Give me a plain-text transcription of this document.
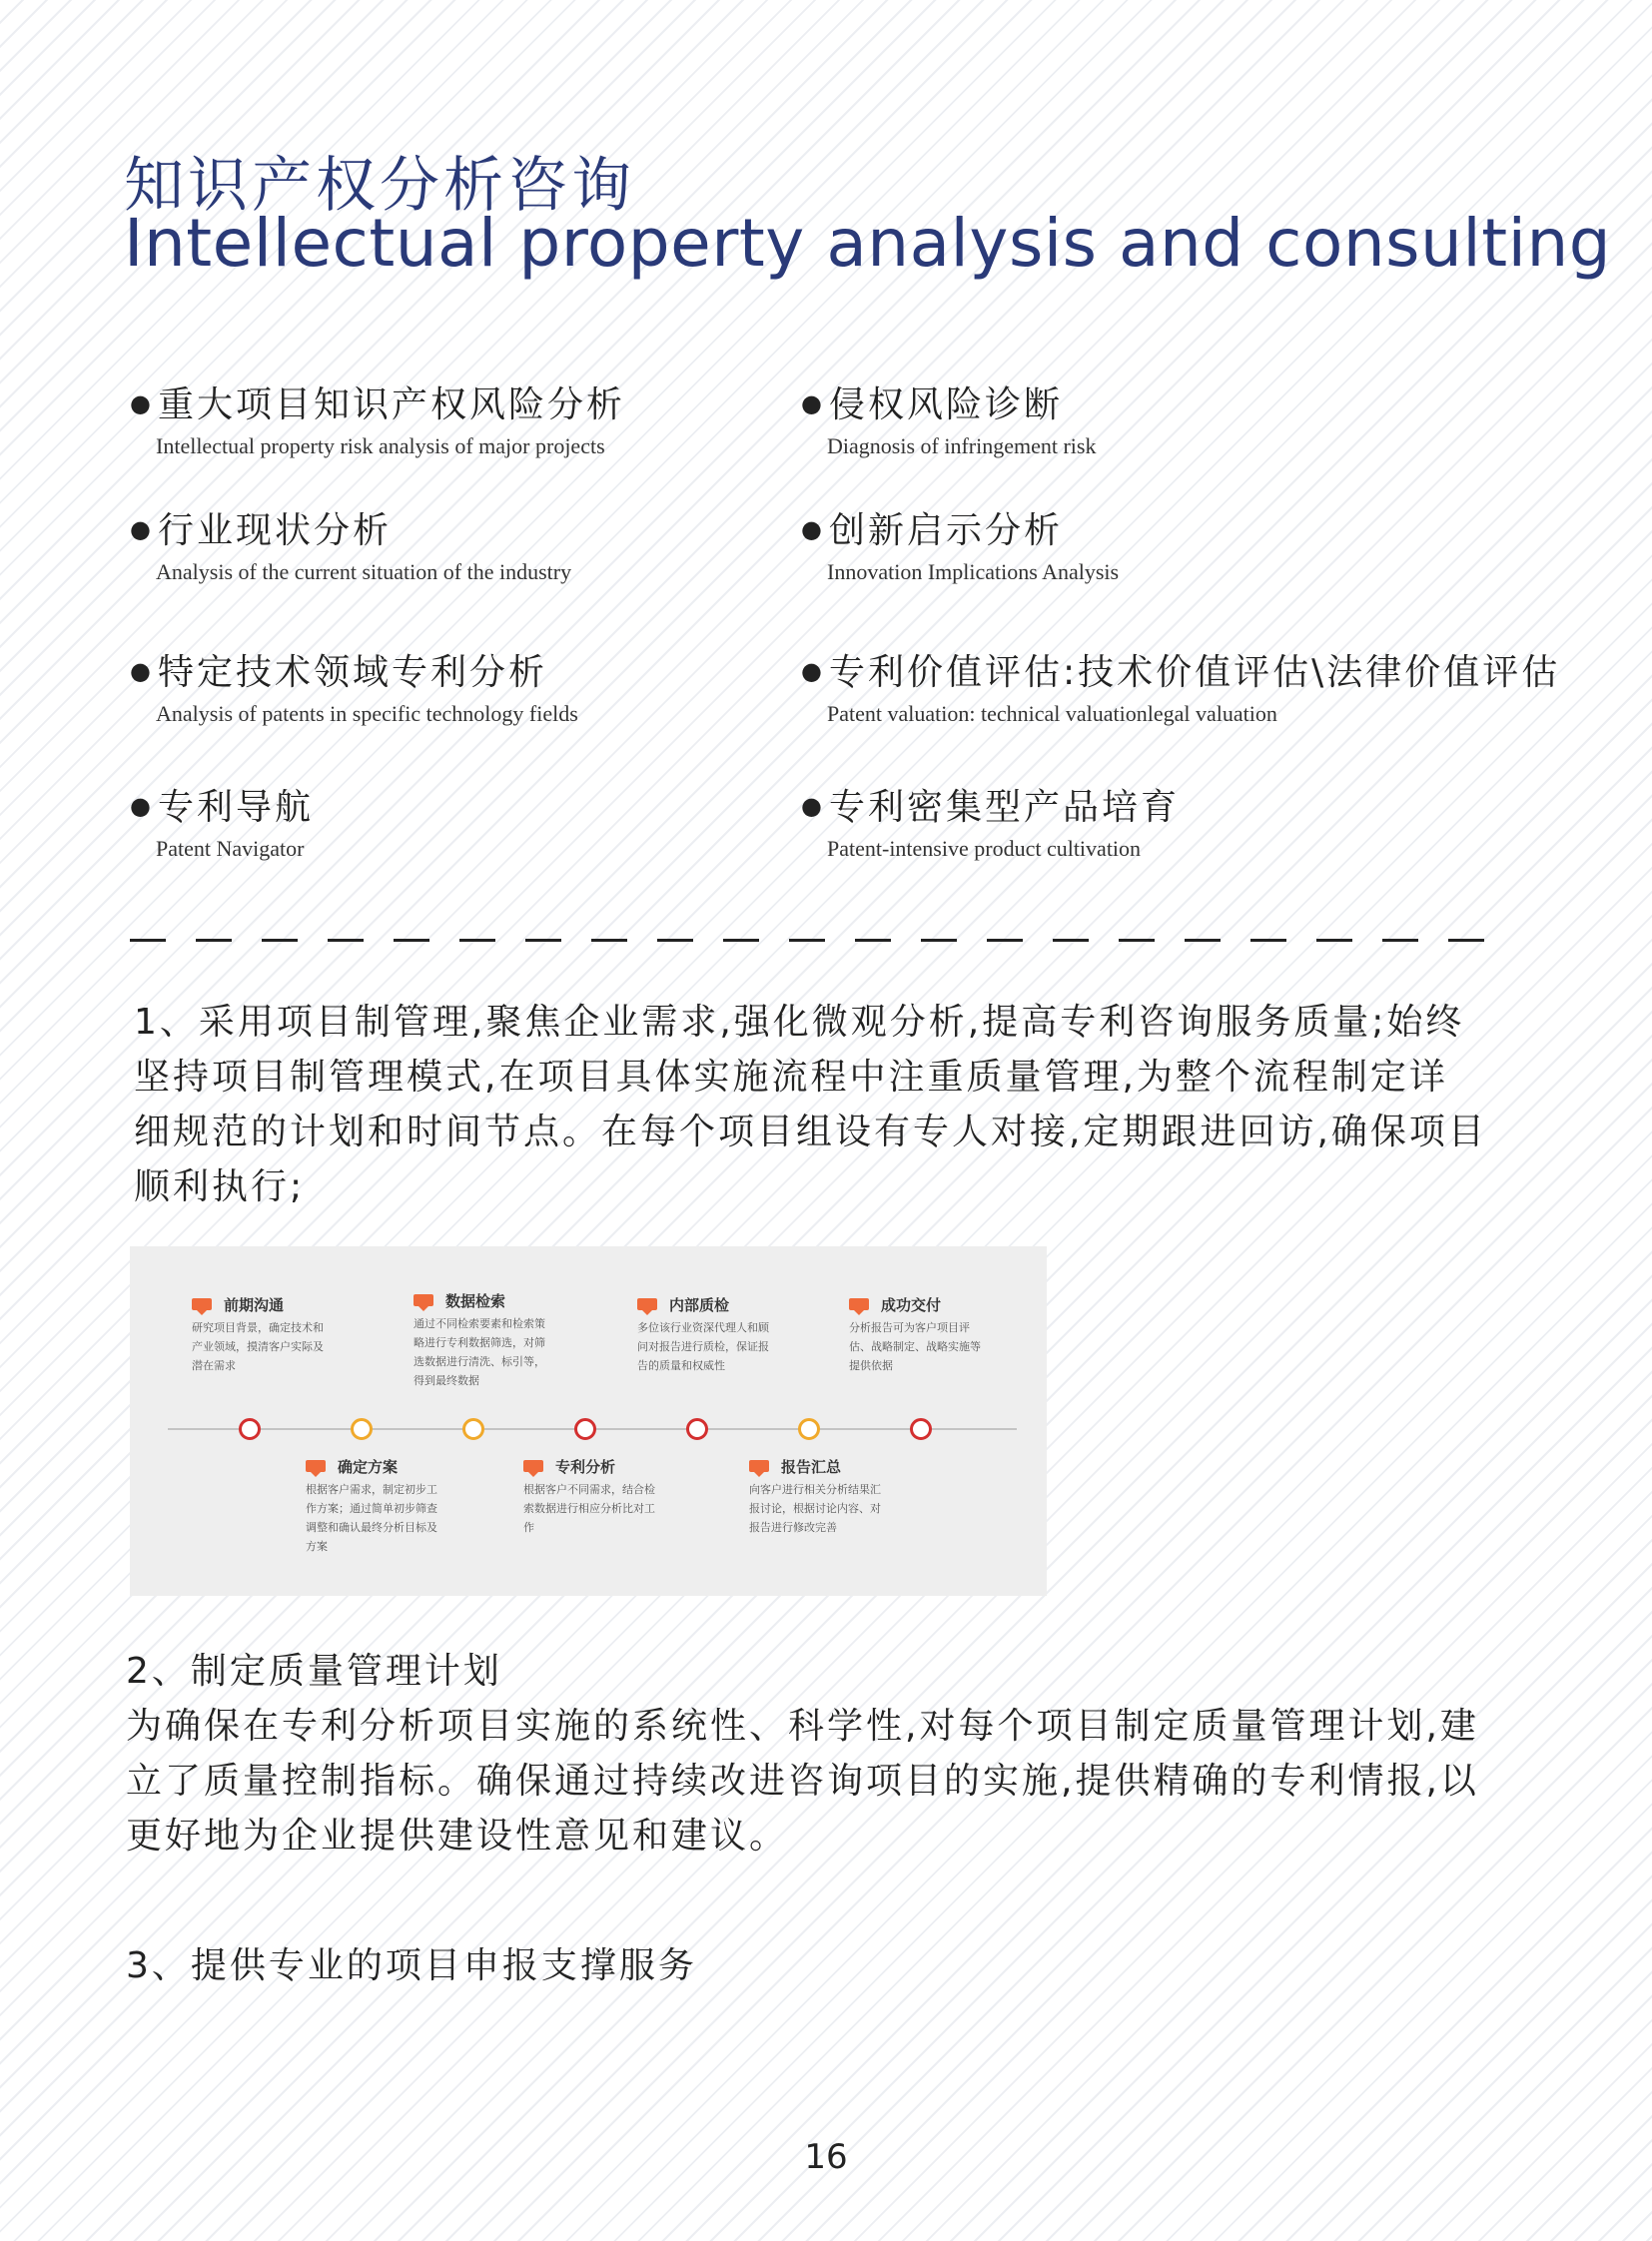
知识产权分析咨询
Intellectual property analysis and consulting
● 重大项目知识产权风险分析
Intellectual property risk analysis of major projects
● 侵权风险诊断
Diagnosis of infringement risk
● 行业现状分析
Analysis of the current situation of the industry
● 创新启示分析
Innovation Implications Analysis
● 特定技术领域专利分析
Analysis of patents in specific technology fields
● 专利价值评估:技术价值评估\法律价值评估
Patent valuation: technical valuationlegal valuation
● 专利导航
Patent Navigator
● 专利密集型产品培育
Patent-intensive product cultivation
1、采用项目制管理,聚焦企业需求,强化微观分析,提高专利咨询服务质量;始终
坚持项目制管理模式,在项目具体实施流程中注重质量管理,为整个流程制定详
细规范的计划和时间节点。在每个项目组设有专人对接,定期跟进回访,确保项目
顺利执行;
前期沟通
研究项目背景，确定技术和产业领域，摸清客户实际及潜在需求
数据检索
通过不同检索要素和检索策略进行专利数据筛选，对筛选数据进行清洗、标引等，得到最终数据
内部质检
多位该行业资深代理人和顾问对报告进行质检，保证报告的质量和权威性
成功交付
分析报告可为客户项目评估、战略制定、战略实施等提供依据
确定方案
根据客户需求，制定初步工作方案；通过简单初步筛查调整和确认最终分析目标及方案
专利分析
根据客户不同需求，结合检索数据进行相应分析比对工作
报告汇总
向客户进行相关分析结果汇报讨论，根据讨论内容、对报告进行修改完善
2、制定质量管理计划
为确保在专利分析项目实施的系统性、科学性,对每个项目制定质量管理计划,建
立了质量控制指标。确保通过持续改进咨询项目的实施,提供精确的专利情报,以
更好地为企业提供建设性意见和建议。
3、提供专业的项目申报支撑服务
16
